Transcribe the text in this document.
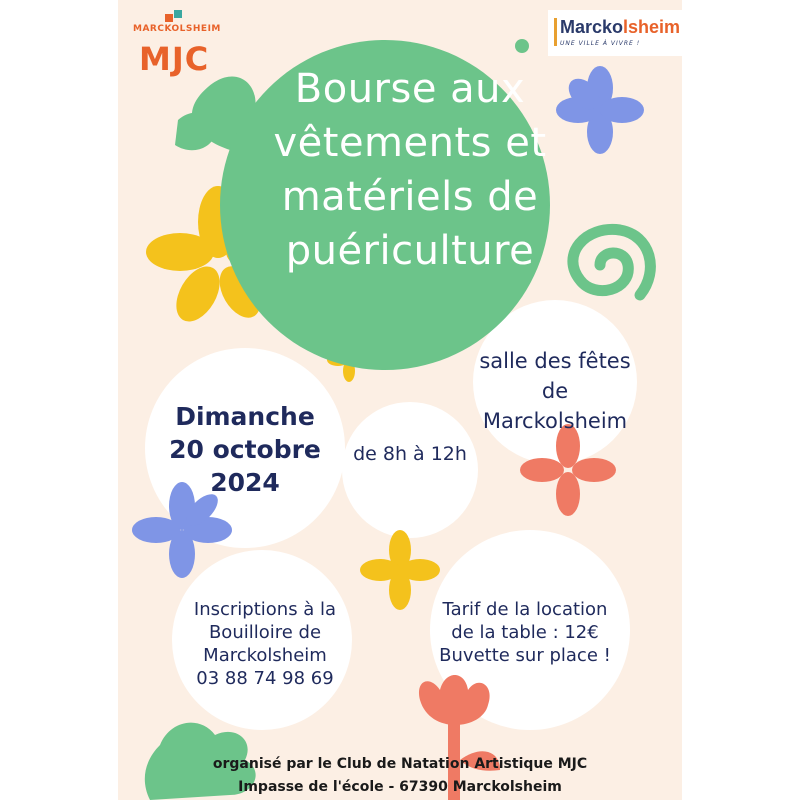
MARCKOLSHEIM
MJC
Marckolsheim
UNE VILLE À VIVRE !
Bourse aux
vêtements et
matériels de
puériculture
Dimanche
20 octobre
2024
de 8h à 12h
salle des fêtes
de
Marckolsheim
Inscriptions à la
Bouilloire de
Marckolsheim
03 88 74 98 69
Tarif de la location
de la table : 12€
Buvette sur place !
organisé par le Club de Natation Artistique MJC
Impasse de l'école - 67390 Marckolsheim
